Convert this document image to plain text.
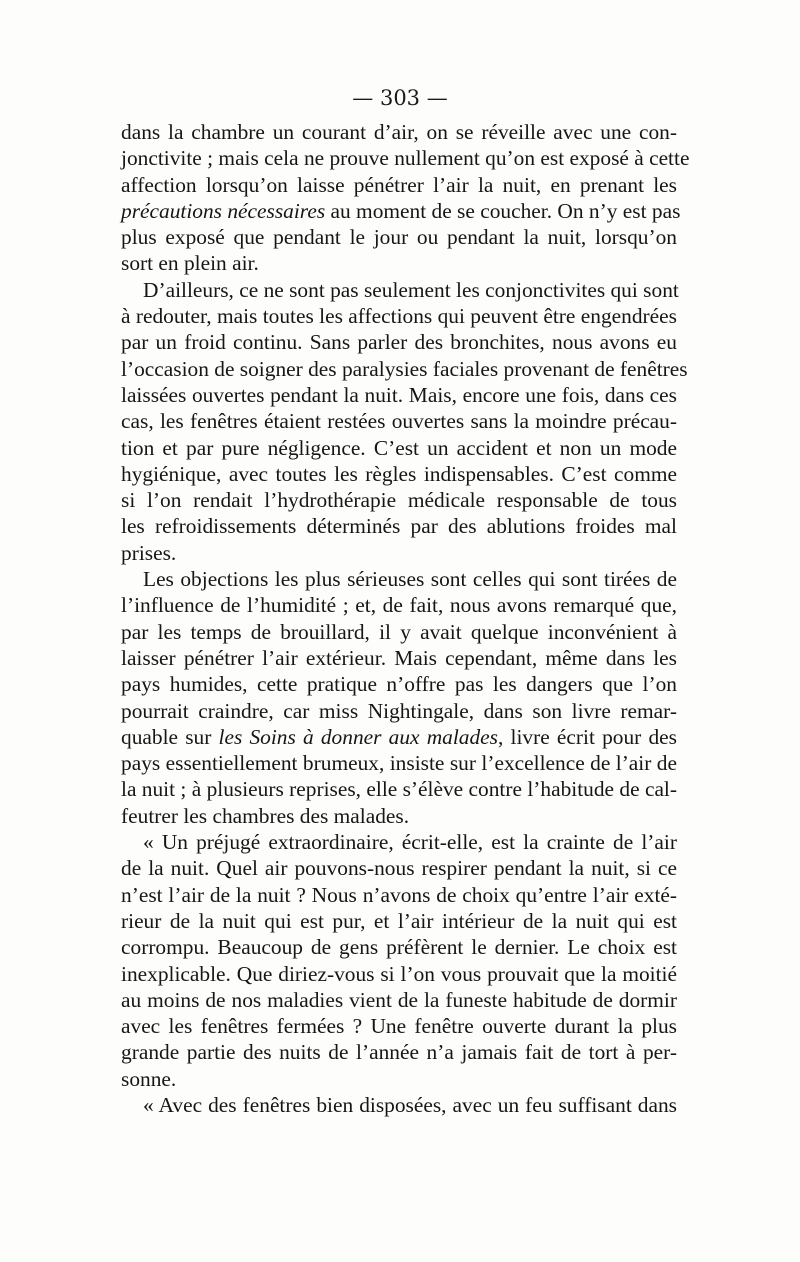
— 303 —
dans la chambre un courant d’air, on se réveille avec une con-
jonctivite ; mais cela ne prouve nullement qu’on est exposé à cette
affection lorsqu’on laisse pénétrer l’air la nuit, en prenant les
précautions nécessaires au moment de se coucher. On n’y est pas
plus exposé que pendant le jour ou pendant la nuit, lorsqu’on
sort en plein air.
D’ailleurs, ce ne sont pas seulement les conjonctivites qui sont
à redouter, mais toutes les affections qui peuvent être engendrées
par un froid continu. Sans parler des bronchites, nous avons eu
l’occasion de soigner des paralysies faciales provenant de fenêtres
laissées ouvertes pendant la nuit. Mais, encore une fois, dans ces
cas, les fenêtres étaient restées ouvertes sans la moindre précau-
tion et par pure négligence. C’est un accident et non un mode
hygiénique, avec toutes les règles indispensables. C’est comme
si l’on rendait l’hydrothérapie médicale responsable de tous
les refroidissements déterminés par des ablutions froides mal
prises.
Les objections les plus sérieuses sont celles qui sont tirées de
l’influence de l’humidité ; et, de fait, nous avons remarqué que,
par les temps de brouillard, il y avait quelque inconvénient à
laisser pénétrer l’air extérieur. Mais cependant, même dans les
pays humides, cette pratique n’offre pas les dangers que l’on
pourrait craindre, car miss Nightingale, dans son livre remar-
quable sur les Soins à donner aux malades, livre écrit pour des
pays essentiellement brumeux, insiste sur l’excellence de l’air de
la nuit ; à plusieurs reprises, elle s’élève contre l’habitude de cal-
feutrer les chambres des malades.
« Un préjugé extraordinaire, écrit-elle, est la crainte de l’air
de la nuit. Quel air pouvons-nous respirer pendant la nuit, si ce
n’est l’air de la nuit ? Nous n’avons de choix qu’entre l’air exté-
rieur de la nuit qui est pur, et l’air intérieur de la nuit qui est
corrompu. Beaucoup de gens préfèrent le dernier. Le choix est
inexplicable. Que diriez-vous si l’on vous prouvait que la moitié
au moins de nos maladies vient de la funeste habitude de dormir
avec les fenêtres fermées ? Une fenêtre ouverte durant la plus
grande partie des nuits de l’année n’a jamais fait de tort à per-
sonne.
« Avec des fenêtres bien disposées, avec un feu suffisant dans
